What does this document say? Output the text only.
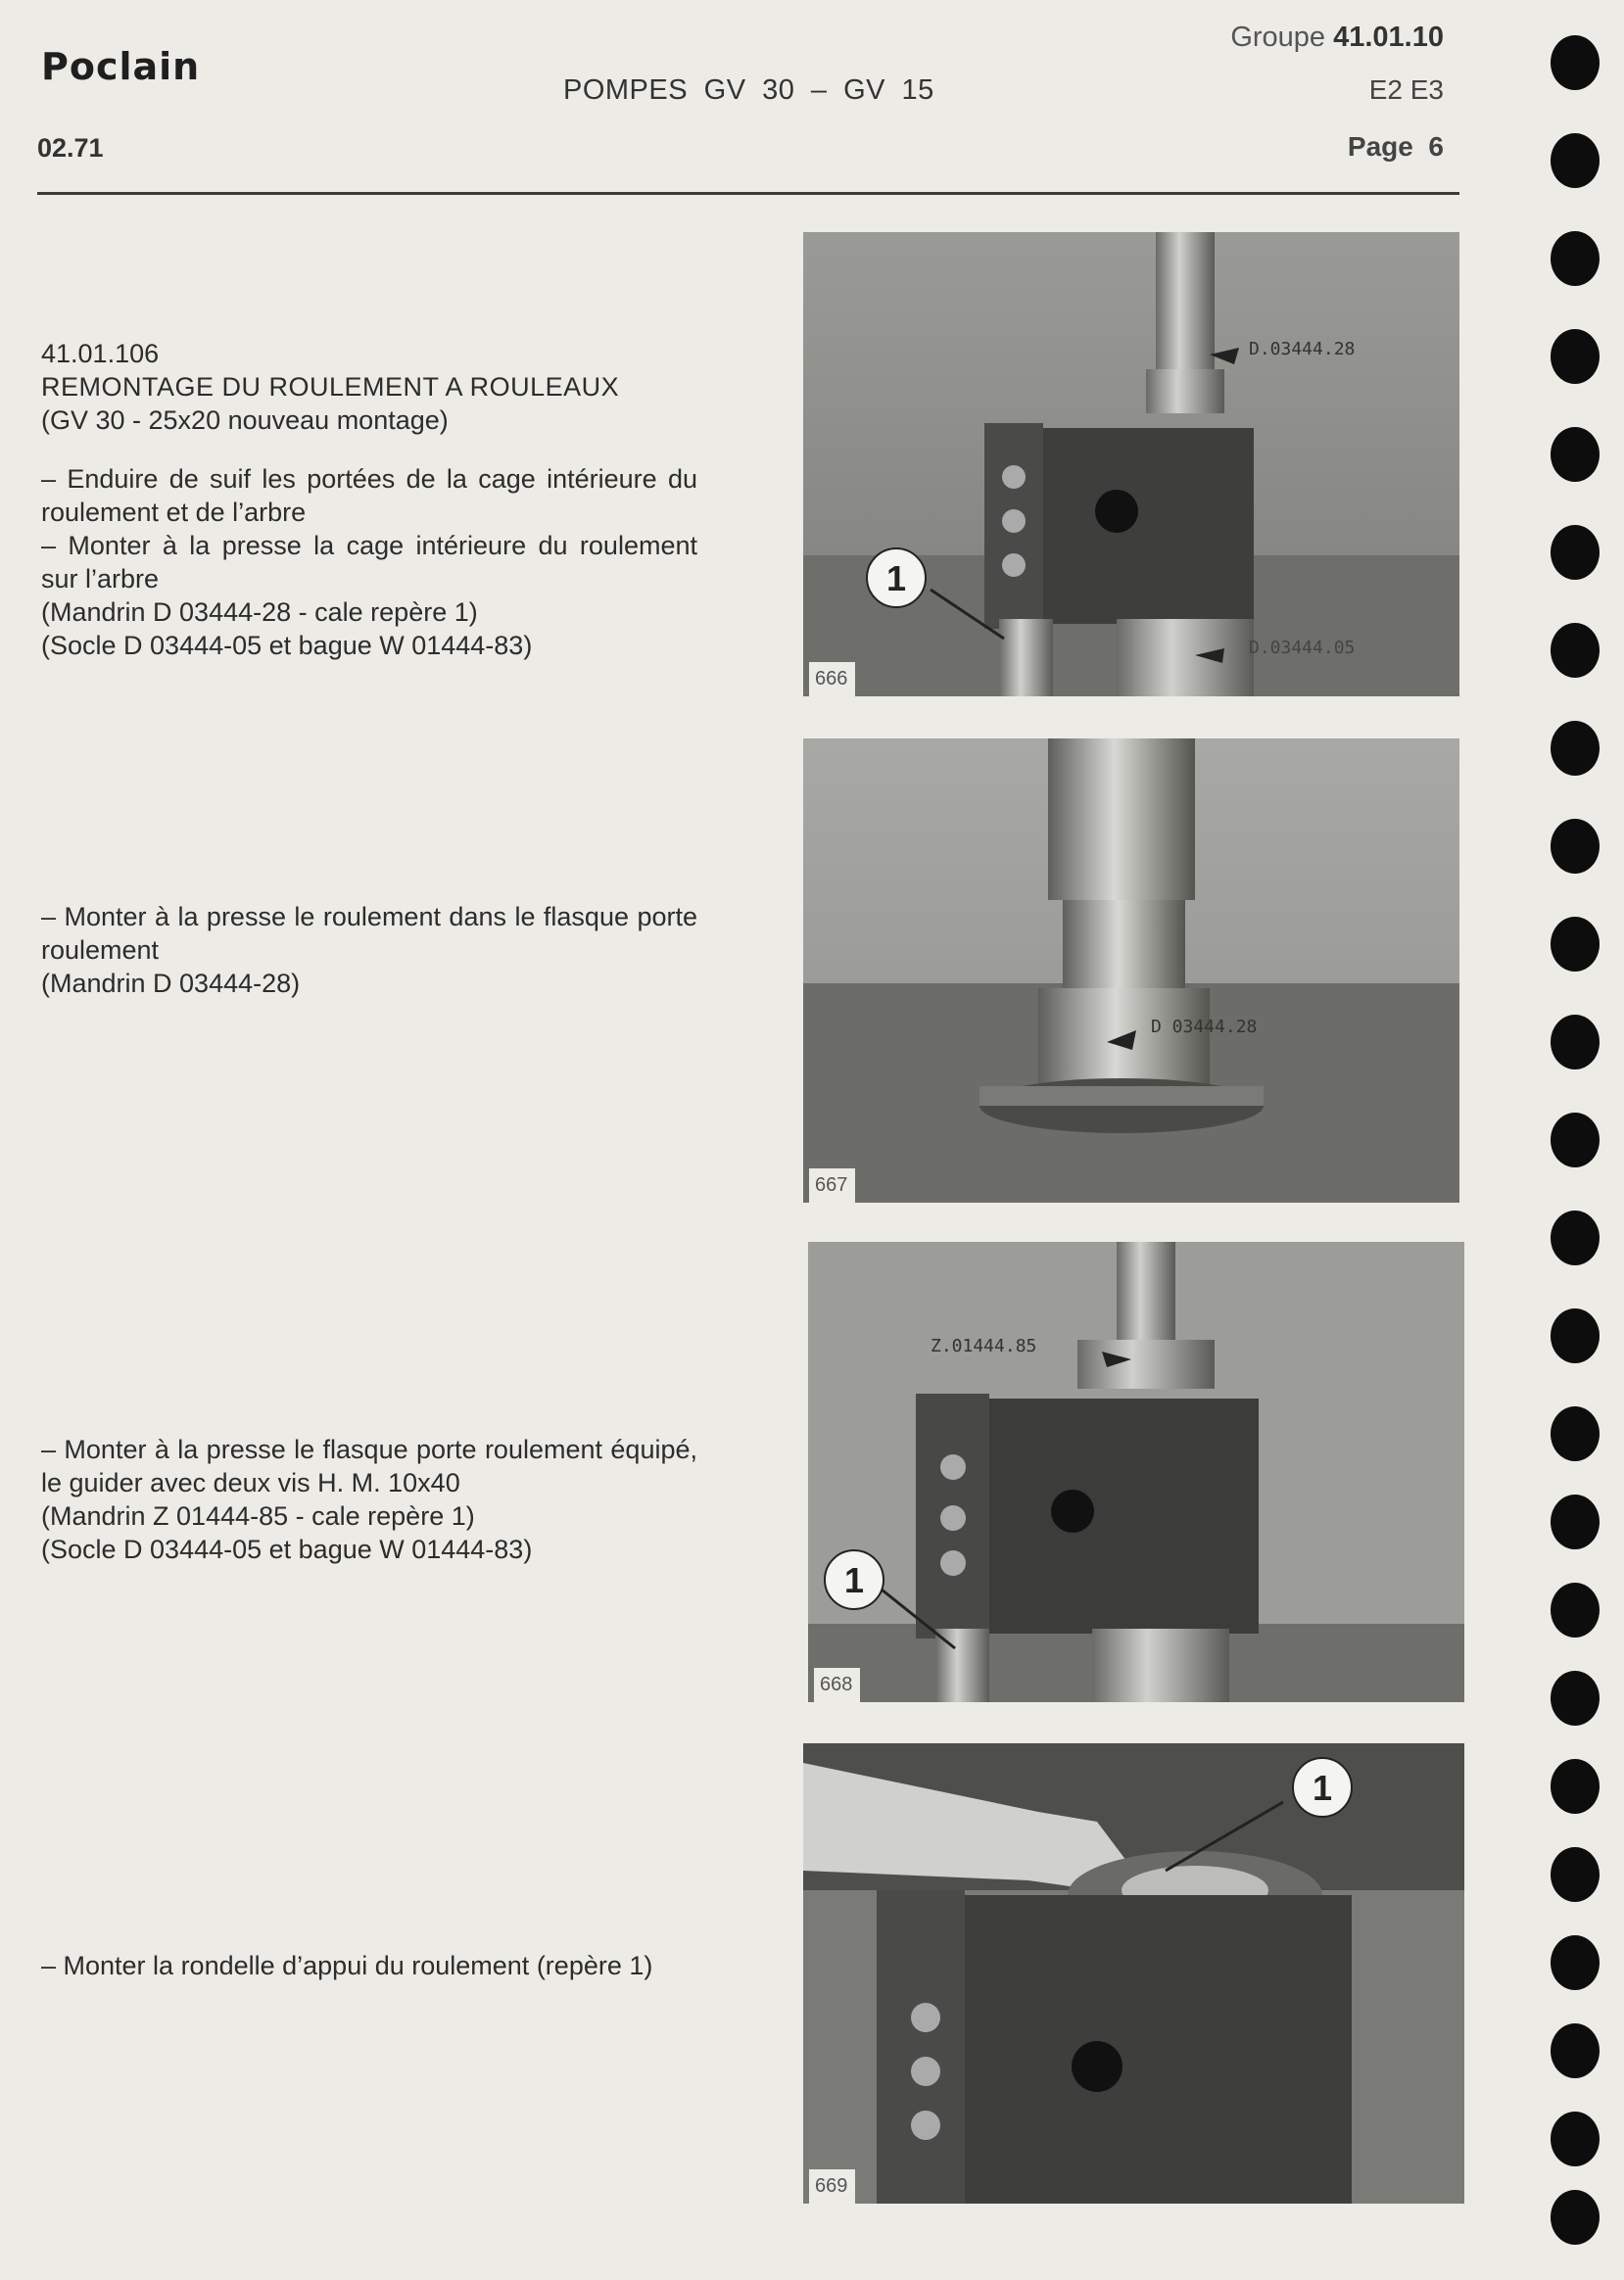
Poclain
02.71
POMPES GV 30 – GV 15
Groupe 41.01.10
E2 E3
Page 6

41.01.106

REMONTAGE DU ROULEMENT A ROULEAUX

(GV 30 - 25x20 nouveau montage)

– Enduire de suif les portées de la cage intérieure du roulement et de l’arbre

– Monter à la presse la cage intérieure du roulement sur l’arbre

(Mandrin D 03444-28 - cale repère 1)

(Socle D 03444-05 et bague W 01444-83)

– Monter à la presse le roulement dans le flasque porte roulement

(Mandrin D 03444-28)

– Monter à la presse le flasque porte roulement équipé, le guider avec deux vis H. M. 10x40

(Mandrin Z 01444-85 - cale repère 1)

(Socle D 03444-05 et bague W 01444-83)

– Monter la rondelle d’appui du roulement (repère 1)

D.03444.28
D.03444.05
1
666
D 03444.28
667
Z.01444.85
1
668
1
669
